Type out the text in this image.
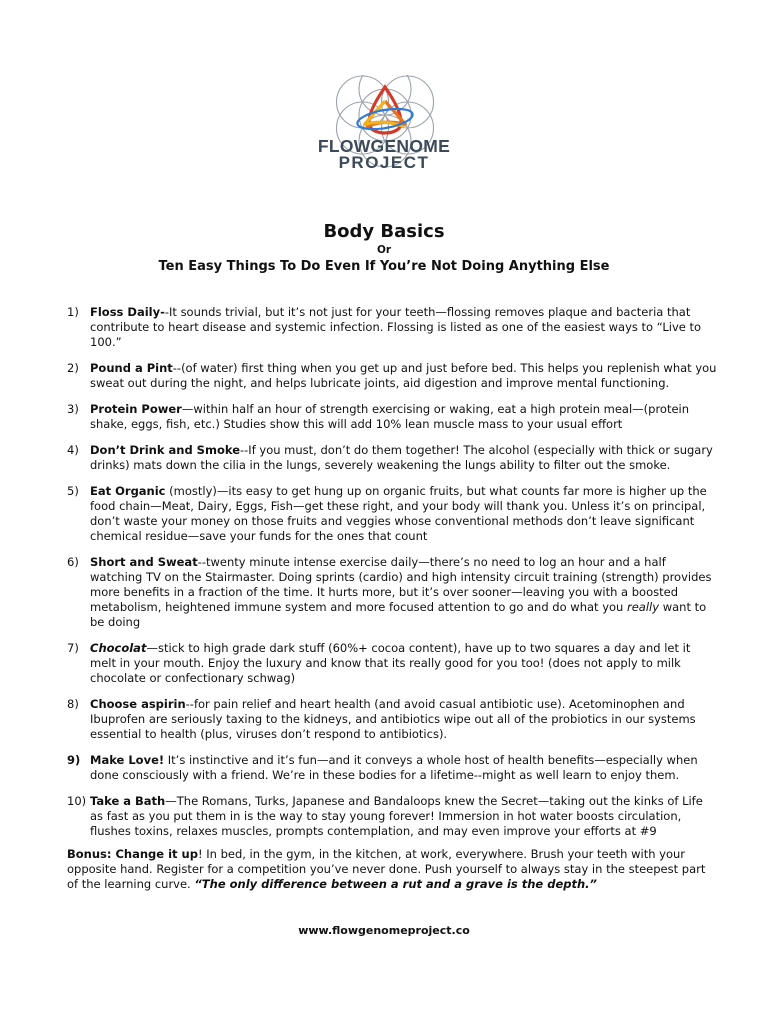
FLOWGENOME
PROJECT
Body Basics
Or
Ten Easy Things To Do Even If You’re Not Doing Anything Else
1) Floss Daily--It sounds trivial, but it’s not just for your teeth—flossing removes plaque and bacteria that contribute to heart disease and systemic infection. Flossing is listed as one of the easiest ways to “Live to 100.”
2) Pound a Pint--(of water) first thing when you get up and just before bed. This helps you replenish what you sweat out during the night, and helps lubricate joints, aid digestion and improve mental functioning.
3) Protein Power—within half an hour of strength exercising or waking, eat a high protein meal—(protein shake, eggs, fish, etc.) Studies show this will add 10% lean muscle mass to your usual effort
4) Don’t Drink and Smoke--If you must, don’t do them together! The alcohol (especially with thick or sugary drinks) mats down the cilia in the lungs, severely weakening the lungs ability to filter out the smoke.
5) Eat Organic (mostly)—its easy to get hung up on organic fruits, but what counts far more is higher up the food chain—Meat, Dairy, Eggs, Fish—get these right, and your body will thank you. Unless it’s on principal, don’t waste your money on those fruits and veggies whose conventional methods don’t leave significant chemical residue—save your funds for the ones that count
6) Short and Sweat--twenty minute intense exercise daily—there’s no need to log an hour and a half watching TV on the Stairmaster. Doing sprints (cardio) and high intensity circuit training (strength) provides more benefits in a fraction of the time. It hurts more, but it’s over sooner—leaving you with a boosted metabolism, heightened immune system and more focused attention to go and do what you really want to be doing
7) Chocolat—stick to high grade dark stuff (60%+ cocoa content), have up to two squares a day and let it melt in your mouth. Enjoy the luxury and know that its really good for you too! (does not apply to milk chocolate or confectionary schwag)
8) Choose aspirin--for pain relief and heart health (and avoid casual antibiotic use). Acetominophen and Ibuprofen are seriously taxing to the kidneys, and antibiotics wipe out all of the probiotics in our systems essential to health (plus, viruses don’t respond to antibiotics).
9) Make Love! It’s instinctive and it’s fun—and it conveys a whole host of health benefits—especially when done consciously with a friend. We’re in these bodies for a lifetime--might as well learn to enjoy them.
10) Take a Bath—The Romans, Turks, Japanese and Bandaloops knew the Secret—taking out the kinks of Life as fast as you put them in is the way to stay young forever! Immersion in hot water boosts circulation, flushes toxins, relaxes muscles, prompts contemplation, and may even improve your efforts at #9
Bonus: Change it up! In bed, in the gym, in the kitchen, at work, everywhere. Brush your teeth with your opposite hand. Register for a competition you’ve never done. Push yourself to always stay in the steepest part of the learning curve. “The only difference between a rut and a grave is the depth.”
www.flowgenomeproject.co
